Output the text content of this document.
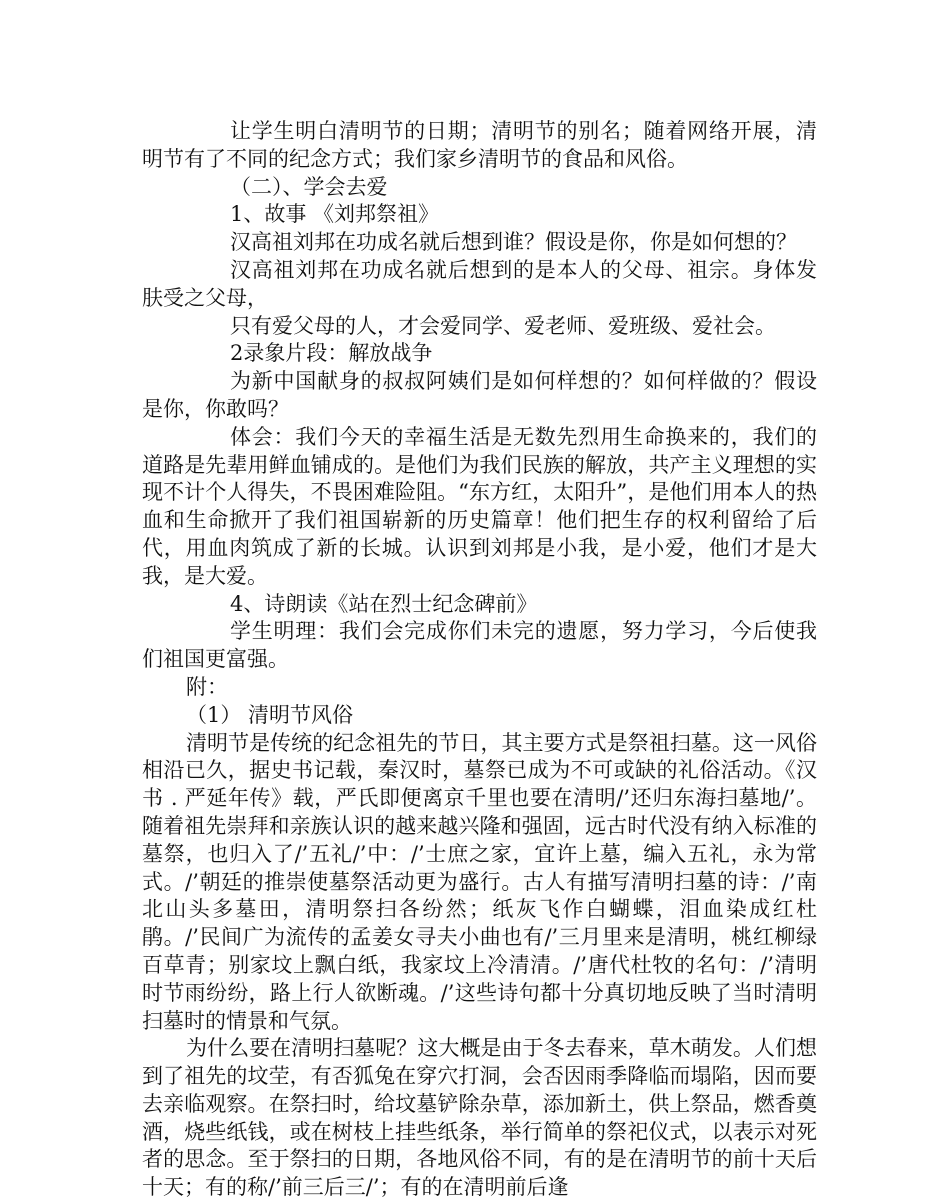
让学生明白清明节的日期；清明节的别名；随着网络开展，清明节有了不同的纪念方式；我们家乡清明节的食品和风俗。

（二）、学会去爱

1、故事 《刘邦祭祖》

汉高祖刘邦在功成名就后想到谁？假设是你，你是如何想的？

汉高祖刘邦在功成名就后想到的是本人的父母、祖宗。身体发肤受之父母，

只有爱父母的人，才会爱同学、爱老师、爱班级、爱社会。

2录象片段：解放战争

为新中国献身的叔叔阿姨们是如何样想的？如何样做的？假设是你，你敢吗？

体会：我们今天的幸福生活是无数先烈用生命换来的，我们的道路是先辈用鲜血铺成的。是他们为我们民族的解放，共产主义理想的实现不计个人得失，不畏困难险阻。“东方红，太阳升”，是他们用本人的热血和生命掀开了我们祖国崭新的历史篇章！他们把生存的权利留给了后代，用血肉筑成了新的长城。认识到刘邦是小我，是小爱，他们才是大我，是大爱。

4、诗朗读《站在烈士纪念碑前》

学生明理：我们会完成你们未完的遗愿，努力学习，今后使我们祖国更富强。

附：

（1） 清明节风俗

清明节是传统的纪念祖先的节日，其主要方式是祭祖扫墓。这一风俗相沿已久，据史书记载，秦汉时，墓祭已成为不可或缺的礼俗活动。《汉书 . 严延年传》载，严氏即便离京千里也要在清明/’还归东海扫墓地/’。随着祖先崇拜和亲族认识的越来越兴隆和强固，远古时代没有纳入标准的墓祭，也归入了/’五礼/’中：/’士庶之家，宜许上墓，编入五礼，永为常式。/’朝廷的推崇使墓祭活动更为盛行。古人有描写清明扫墓的诗：/’南北山头多墓田，清明祭扫各纷然；纸灰飞作白蝴蝶，泪血染成红杜鹃。/’民间广为流传的孟姜女寻夫小曲也有/’三月里来是清明，桃红柳绿百草青；别家坟上飘白纸，我家坟上冷清清。/’唐代杜牧的名句：/’清明时节雨纷纷，路上行人欲断魂。/’这些诗句都十分真切地反映了当时清明扫墓时的情景和气氛。

为什么要在清明扫墓呢？这大概是由于冬去春来，草木萌发。人们想到了祖先的坟茔，有否狐兔在穿穴打洞，会否因雨季降临而塌陷，因而要去亲临观察。在祭扫时，给坟墓铲除杂草，添加新土，供上祭品，燃香奠酒，烧些纸钱，或在树枝上挂些纸条，举行简单的祭祀仪式，以表示对死者的思念。至于祭扫的日期，各地风俗不同，有的是在清明节的前十天后十天；有的称/’前三后三/’；有的在清明前后逢
